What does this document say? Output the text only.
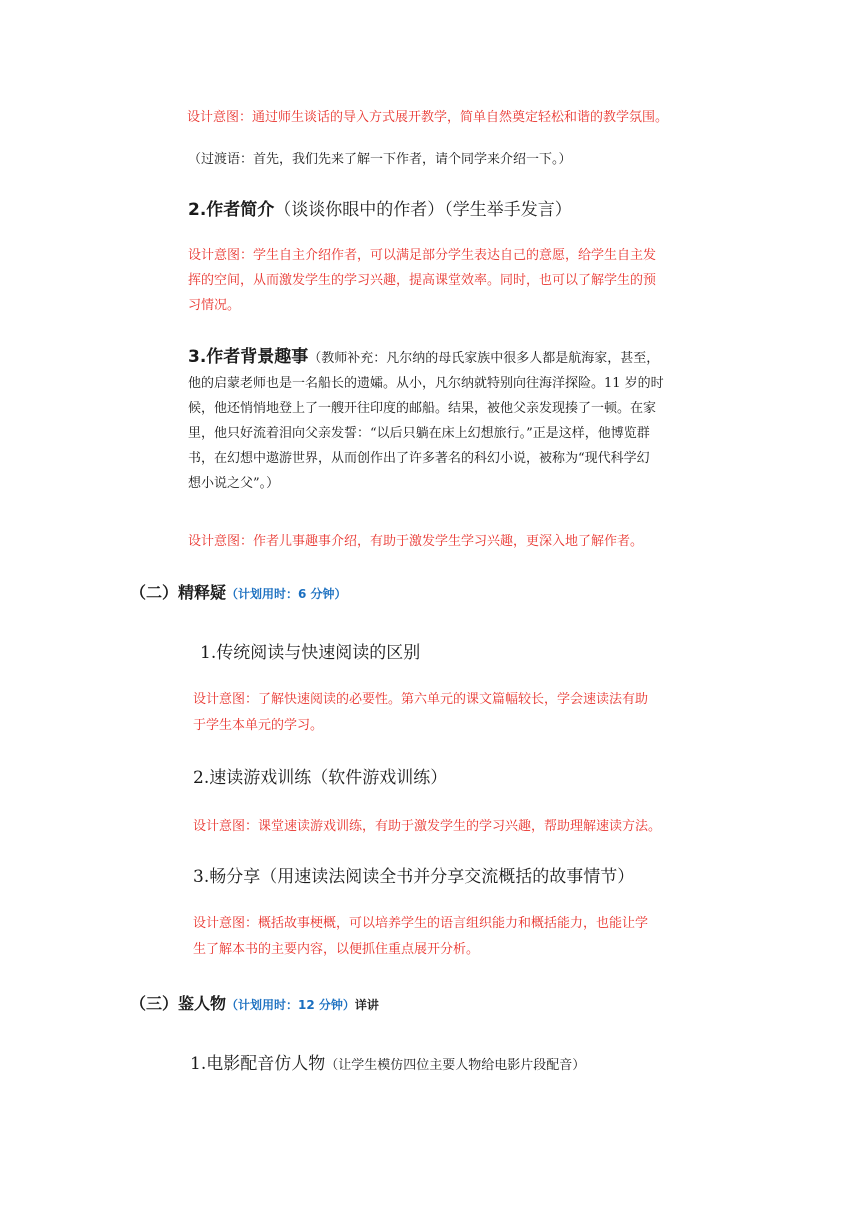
设计意图：通过师生谈话的导入方式展开教学，简单自然奠定轻松和谐的教学氛围。
（过渡语：首先，我们先来了解一下作者，请个同学来介绍一下。）
2.作者简介（谈谈你眼中的作者）（学生举手发言）
设计意图：学生自主介绍作者，可以满足部分学生表达自己的意愿，给学生自主发
挥的空间，从而激发学生的学习兴趣，提高课堂效率。同时，也可以了解学生的预
习情况。
3.作者背景趣事（教师补充：凡尔纳的母氏家族中很多人都是航海家，甚至，
他的启蒙老师也是一名船长的遗孀。从小，凡尔纳就特别向往海洋探险。11 岁的时
候，他还悄悄地登上了一艘开往印度的邮船。结果，被他父亲发现揍了一顿。在家
里，他只好流着泪向父亲发誓：“以后只躺在床上幻想旅行。”正是这样，他博览群
书，在幻想中遨游世界，从而创作出了许多著名的科幻小说，被称为“现代科学幻
想小说之父”。）
设计意图：作者儿事趣事介绍，有助于激发学生学习兴趣，更深入地了解作者。
（二）精释疑（计划用时：6 分钟）
1.传统阅读与快速阅读的区别
设计意图：了解快速阅读的必要性。第六单元的课文篇幅较长，学会速读法有助
于学生本单元的学习。
2.速读游戏训练（软件游戏训练）
设计意图：课堂速读游戏训练，有助于激发学生的学习兴趣，帮助理解速读方法。
3.畅分享（用速读法阅读全书并分享交流概括的故事情节）
设计意图：概括故事梗概，可以培养学生的语言组织能力和概括能力，也能让学
生了解本书的主要内容，以便抓住重点展开分析。
（三）鉴人物（计划用时：12 分钟）详讲
1.电影配音仿人物（让学生模仿四位主要人物给电影片段配音）
